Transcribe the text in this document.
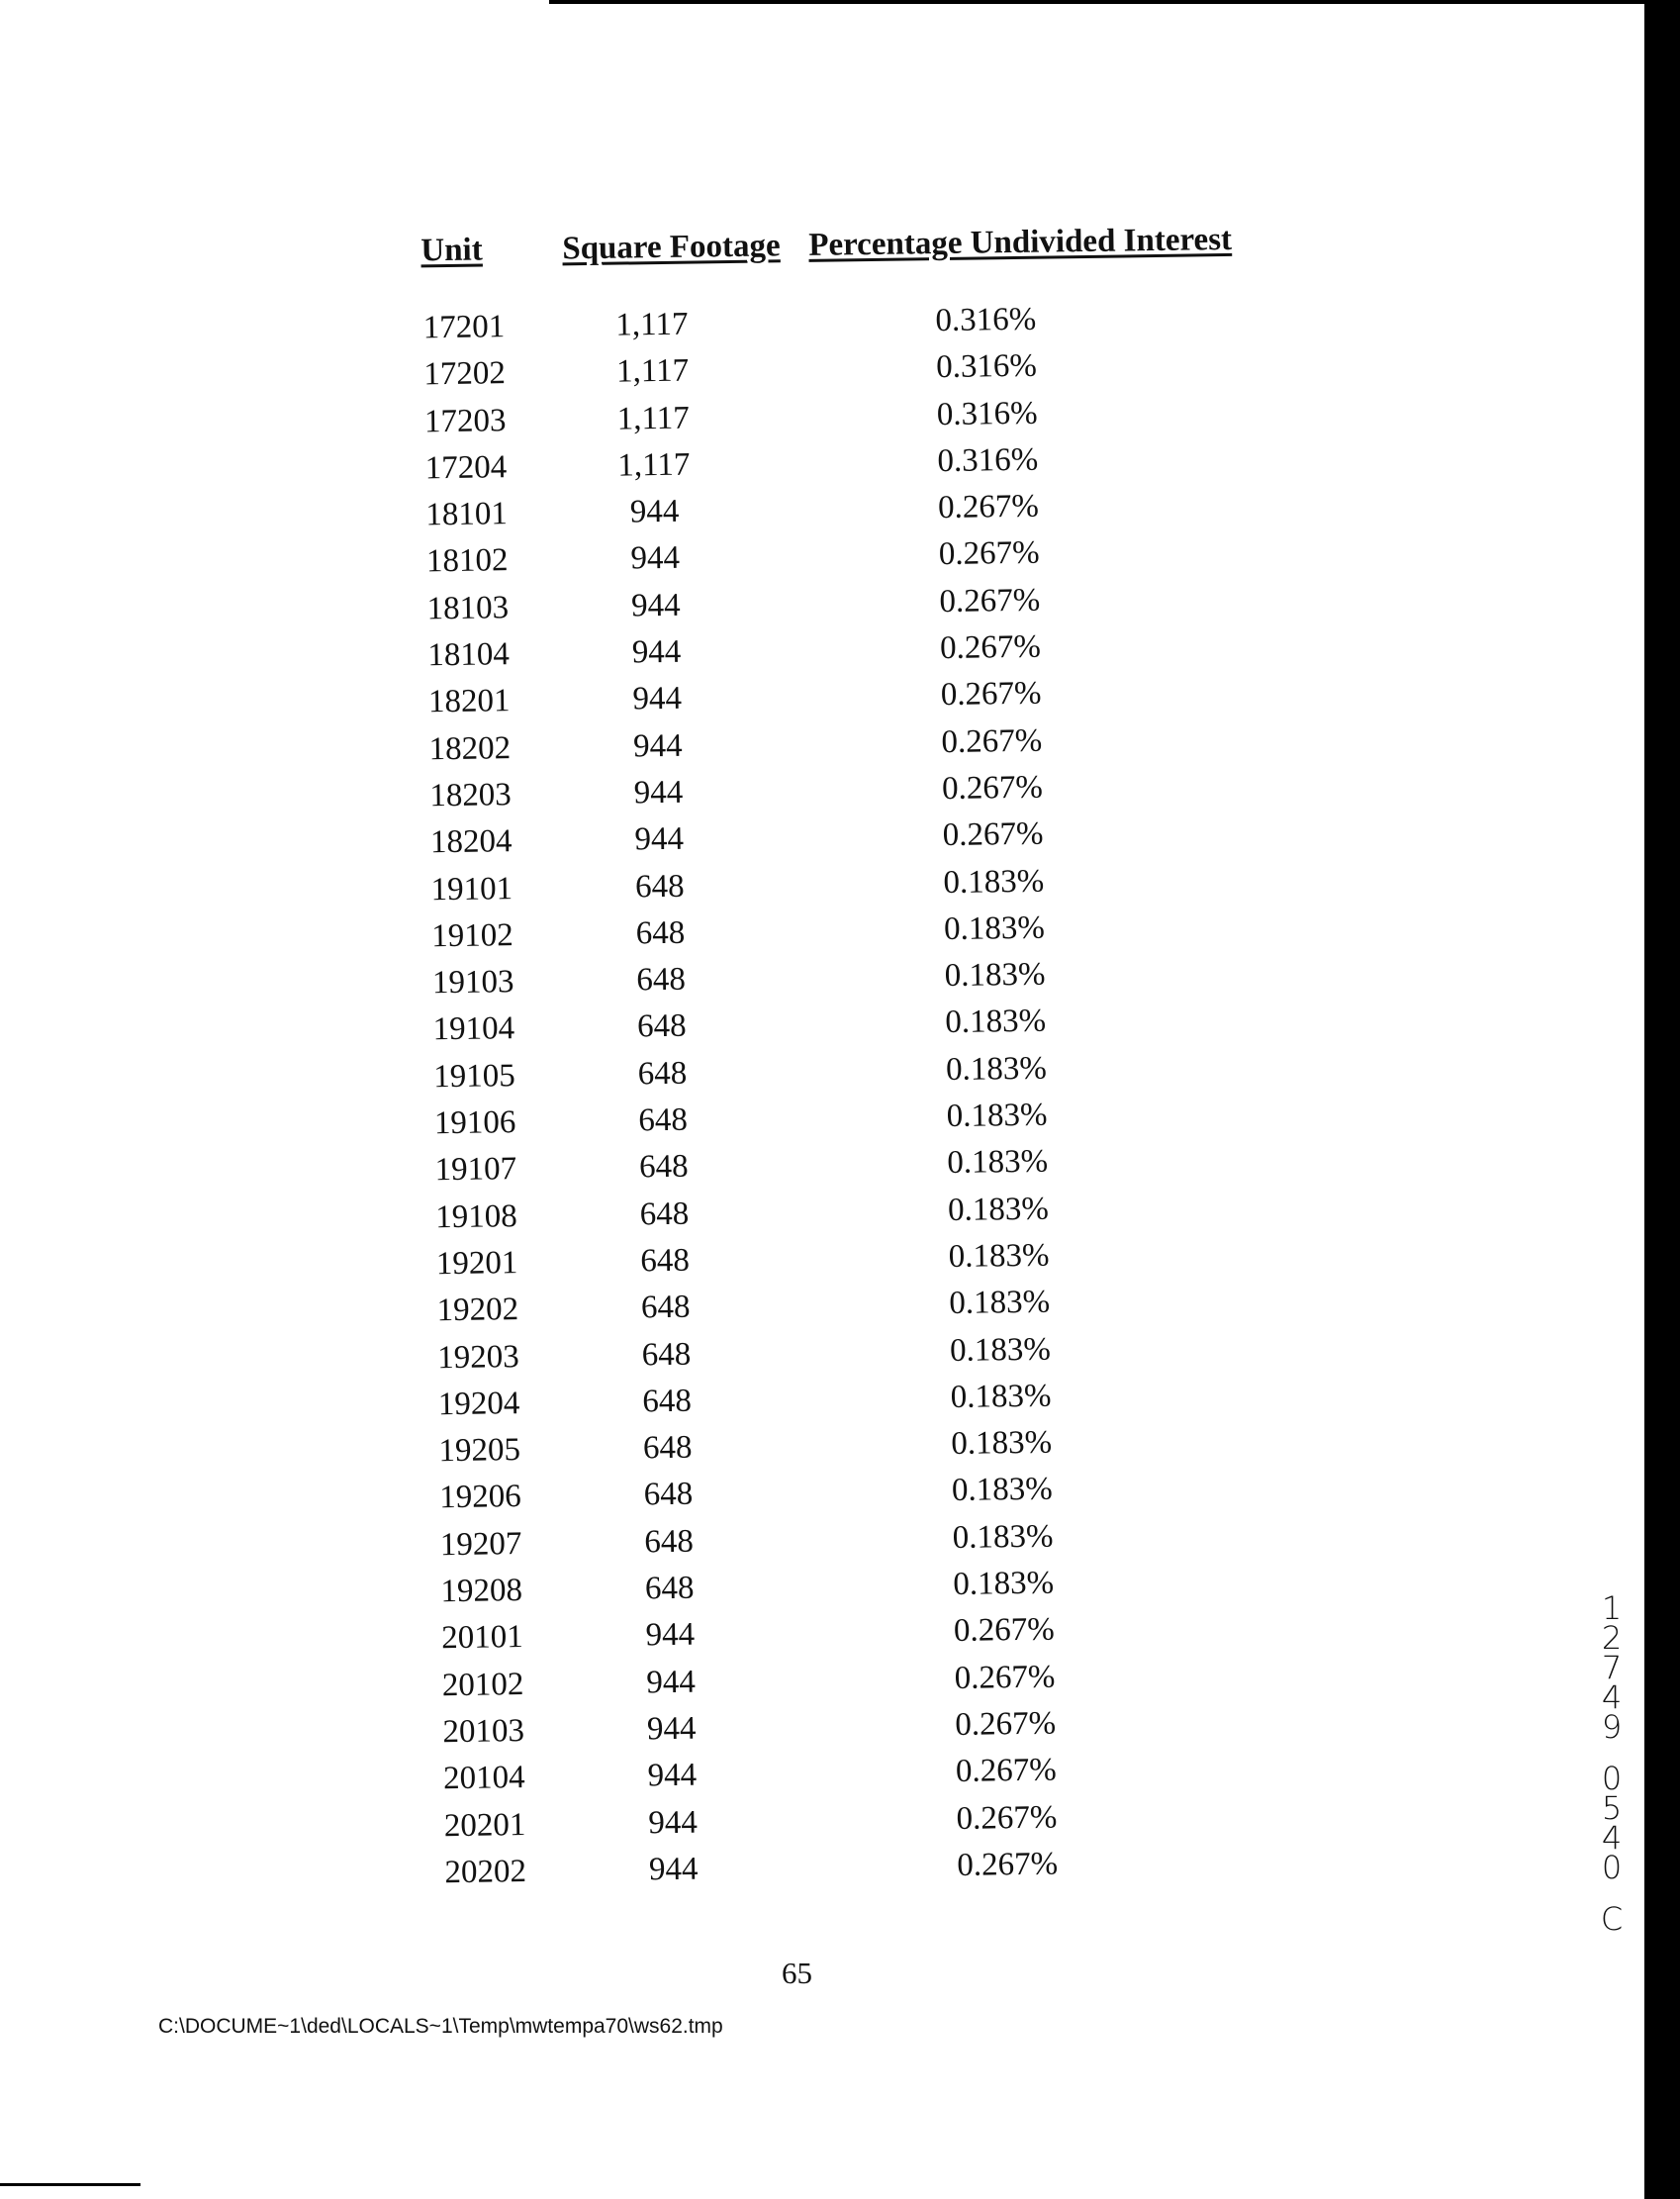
Unit Square Footage Percentage Undivided Interest
17201	1,117	0.316%
17202	1,117	0.316%
17203	1,117	0.316%
17204	1,117	0.316%
18101	944	0.267%
18102	944	0.267%
18103	944	0.267%
18104	944	0.267%
18201	944	0.267%
18202	944	0.267%
18203	944	0.267%
18204	944	0.267%
19101	648	0.183%
19102	648	0.183%
19103	648	0.183%
19104	648	0.183%
19105	648	0.183%
19106	648	0.183%
19107	648	0.183%
19108	648	0.183%
19201	648	0.183%
19202	648	0.183%
19203	648	0.183%
19204	648	0.183%
19205	648	0.183%
19206	648	0.183%
19207	648	0.183%
19208	648	0.183%
20101	944	0.267%
20102	944	0.267%
20103	944	0.267%
20104	944	0.267%
20201	944	0.267%
20202	944	0.267%
65
C:\DOCUME~1\ded\LOCALS~1\Temp\mwtempa70\ws62.tmp
1
2
7
4
9
0
5
4
0
C
